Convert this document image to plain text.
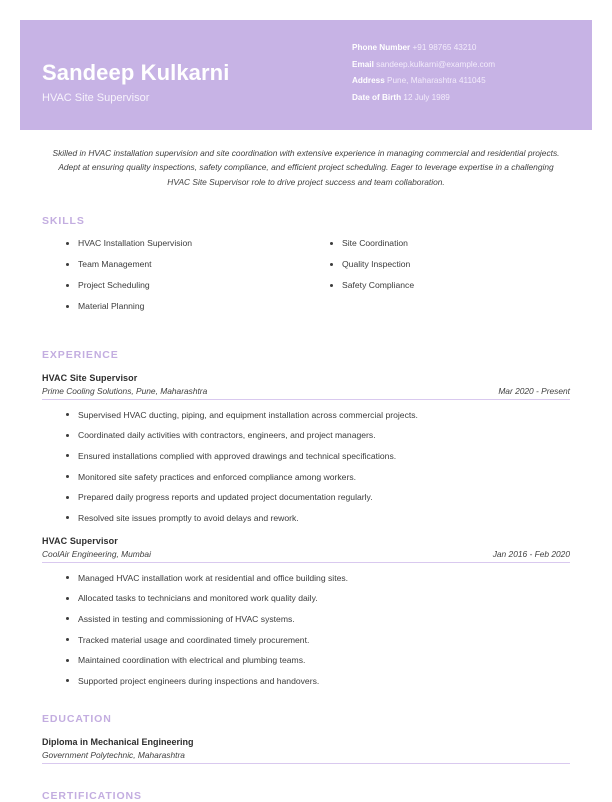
Sandeep Kulkarni
HVAC Site Supervisor
Phone Number +91 98765 43210
Email sandeep.kulkarni@example.com
Address Pune, Maharashtra 411045
Date of Birth 12 July 1989
Skilled in HVAC installation supervision and site coordination with extensive experience in managing commercial and residential projects. Adept at ensuring quality inspections, safety compliance, and efficient project scheduling. Eager to leverage expertise in a challenging HVAC Site Supervisor role to drive project success and team collaboration.
SKILLS
HVAC Installation Supervision
Team Management
Project Scheduling
Material Planning
Site Coordination
Quality Inspection
Safety Compliance
EXPERIENCE
HVAC Site Supervisor
Prime Cooling Solutions, Pune, Maharashtra	Mar 2020 - Present
Supervised HVAC ducting, piping, and equipment installation across commercial projects.
Coordinated daily activities with contractors, engineers, and project managers.
Ensured installations complied with approved drawings and technical specifications.
Monitored site safety practices and enforced compliance among workers.
Prepared daily progress reports and updated project documentation regularly.
Resolved site issues promptly to avoid delays and rework.
HVAC Supervisor
CoolAir Engineering, Mumbai	Jan 2016 - Feb 2020
Managed HVAC installation work at residential and office building sites.
Allocated tasks to technicians and monitored work quality daily.
Assisted in testing and commissioning of HVAC systems.
Tracked material usage and coordinated timely procurement.
Maintained coordination with electrical and plumbing teams.
Supported project engineers during inspections and handovers.
EDUCATION
Diploma in Mechanical Engineering
Government Polytechnic, Maharashtra
CERTIFICATIONS
